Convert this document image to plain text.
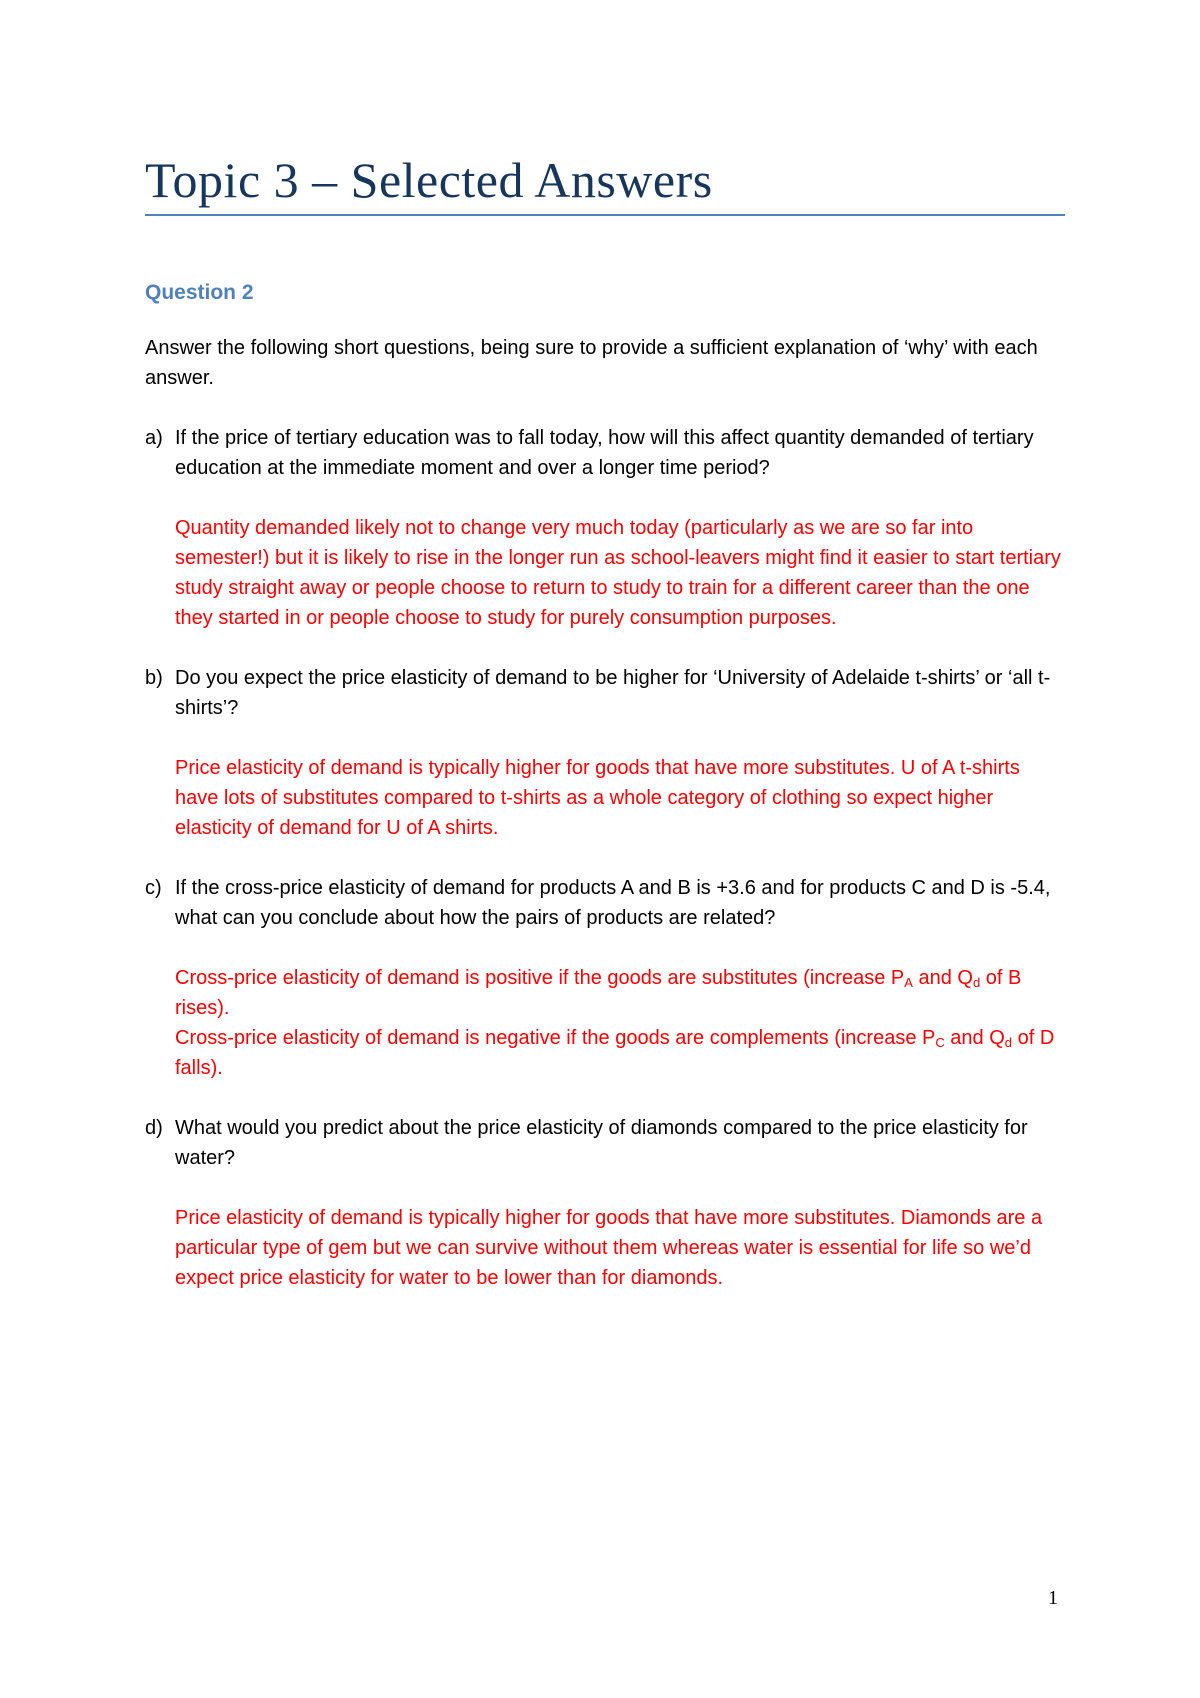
Topic 3 – Selected Answers

Question 2

Answer the following short questions, being sure to provide a sufficient explanation of ‘why’ with each answer.

a) If the price of tertiary education was to fall today, how will this affect quantity demanded of tertiary education at the immediate moment and over a longer time period?

Quantity demanded likely not to change very much today (particularly as we are so far into semester!) but it is likely to rise in the longer run as school-leavers might find it easier to start tertiary study straight away or people choose to return to study to train for a different career than the one they started in or people choose to study for purely consumption purposes.

b) Do you expect the price elasticity of demand to be higher for ‘University of Adelaide t-shirts’ or ‘all t-shirts’?

Price elasticity of demand is typically higher for goods that have more substitutes. U of A t-shirts have lots of substitutes compared to t-shirts as a whole category of clothing so expect higher elasticity of demand for U of A shirts.

c) If the cross-price elasticity of demand for products A and B is +3.6 and for products C and D is -5.4, what can you conclude about how the pairs of products are related?

Cross-price elasticity of demand is positive if the goods are substitutes (increase $P_A$ and $Q_d$ of B rises).
Cross-price elasticity of demand is negative if the goods are complements (increase $P_C$ and $Q_d$ of D falls).

d) What would you predict about the price elasticity of diamonds compared to the price elasticity for water?

Price elasticity of demand is typically higher for goods that have more substitutes. Diamonds are a particular type of gem but we can survive without them whereas water is essential for life so we’d expect price elasticity for water to be lower than for diamonds.

1
